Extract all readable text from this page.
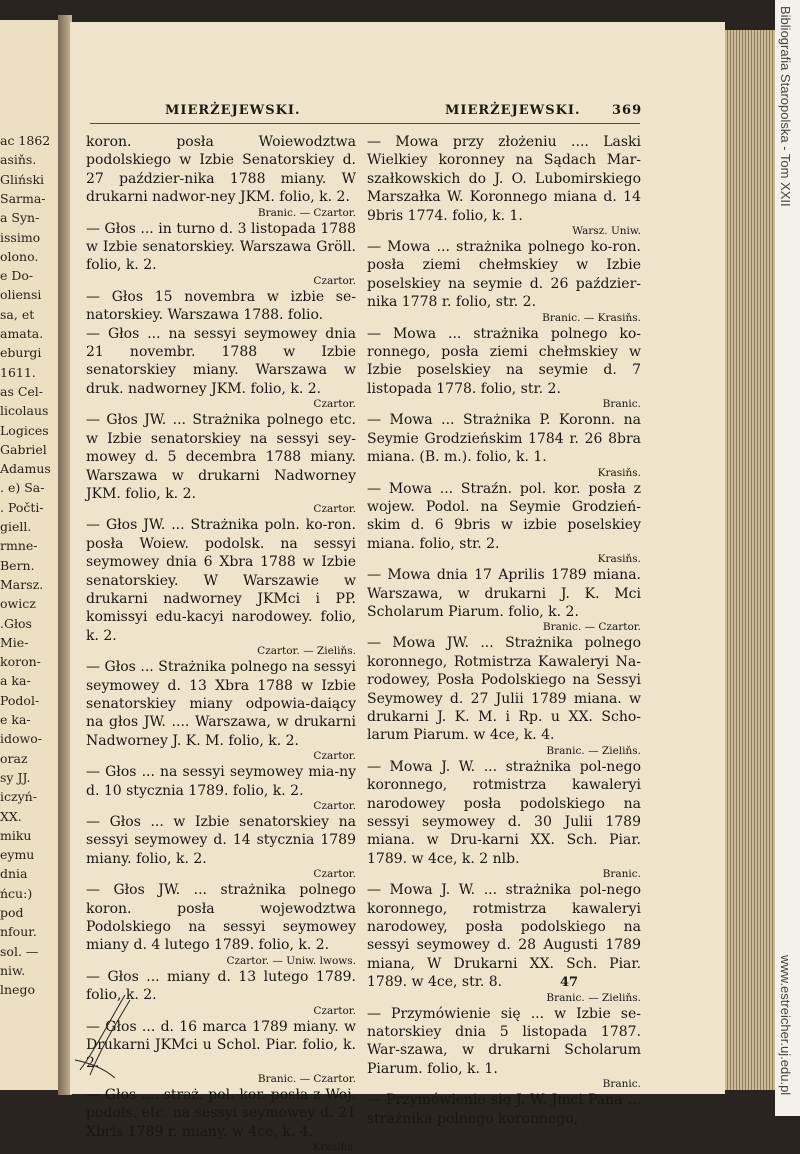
ac 1862
asiňs.
Gliński
Sarma-
a Syn-
issimo
olono.
e Do-
oliensi
sa, et
amata.
eburgi
1611.
as Cel-
licolaus
Logices
Gabriel
Adamus
. e) Sa-
. Počti-
giell.
rmne-
Bern.
Marsz.
owicz
.Głos
Mie-
koron-
a ka-
Podol-
e ka-
idowo-
oraz
sy JJ.
iczyń-
XX.
miku
eymu
dnia
ńcu:)
pod
nfour.
sol. —
niw.
lnego
Bibliografia Staropolska - Tom XXII
www.estreicher.uj.edu.pl
MIERŻEJEWSKI.	MIERŻEJEWSKI. 369
koron. posła Woiewodztwa podolskiego w Izbie Senatorskiey d. 27 paździer-nika 1788 miany. W drukarni nadwor-ney JKM. folio, k. 2.
Branic. — Czartor.
— Głos ... in turno d. 3 listopada 1788 w Izbie senatorskiey. Warszawa Gröll. folio, k. 2.
Czartor.
— Głos 15 novembra w izbie se-natorskiey. Warszawa 1788. folio.
— Głos ... na sessyi seymowey dnia 21 novembr. 1788 w Izbie senatorskiey miany. Warszawa w druk. nadworney JKM. folio, k. 2.
Czartor.
— Głos JW. ... Strażnika polnego etc. w Izbie senatorskiey na sessyi sey-mowey d. 5 decembra 1788 miany. Warszawa w drukarni Nadworney JKM. folio, k. 2.
Czartor.
— Głos JW. ... Strażnika poln. ko-ron. posła Woiew. podolsk. na sessyi seymowey dnia 6 Xbra 1788 w Izbie senatorskiey. W Warszawie w drukarni nadworney JKMci i PP. komissyi edu-kacyi narodowey. folio, k. 2.
Czartor. — Zieliňs.
— Głos ... Strażnika polnego na sessyi seymowey d. 13 Xbra 1788 w Izbie senatorskiey miany odpowia-daiący na głos JW. .... Warszawa, w drukarni Nadworney J. K. M. folio, k. 2.
Czartor.
— Głos ... na sessyi seymowey mia-ny d. 10 stycznia 1789. folio, k. 2.
Czartor.
— Głos ... w Izbie senatorskiey na sessyi seymowey d. 14 stycznia 1789 miany. folio, k. 2.
Czartor.
— Głos JW. ... strażnika polnego koron. posła wojewodztwa Podolskiego na sessyi seymowey miany d. 4 lutego 1789. folio, k. 2.
Czartor. — Uniw. lwows.
— Głos ... miany d. 13 lutego 1789. folio, k. 2.
Czartor.
— Głos ... d. 16 marca 1789 miany. w Drukarni JKMci u Schol. Piar. folio, k. 2.
Branic. — Czartor.
— Głos .... straż. pol. kor. posła z Woj. podols. etc. na sessyi seymowey d. 21 Xbris 1789 r. miany. w 4ce, k. 4.
Krasiňs.
— Mowa przy złożeniu .... Laski Wielkiey koronney na Sądach Mar-szałkowskich do J. O. Lubomirskiego Marszałka W. Koronnego miana d. 14 9bris 1774. folio, k. 1.
Warsz. Uniw.
— Mowa ... strażnika polnego ko-ron. posła ziemi chełmskiey w Izbie poselskiey na seymie d. 26 paździer-nika 1778 r. folio, str. 2.
Branic. — Krasiňs.
— Mowa ... strażnika polnego ko-ronnego, posła ziemi chełmskiey w Izbie poselskiey na seymie d. 7 listopada 1778. folio, str. 2.
Branic.
— Mowa ... Strażnika P. Koronn. na Seymie Grodzieńskim 1784 r. 26 8bra miana. (B. m.). folio, k. 1.
Krasiňs.
— Mowa ... Straźn. pol. kor. posła z wojew. Podol. na Seymie Grodzień-skim d. 6 9bris w izbie poselskiey miana. folio, str. 2.
Krasiňs.
— Mowa dnia 17 Aprilis 1789 miana. Warszawa, w drukarni J. K. Mci Scholarum Piarum. folio, k. 2.
Branic. — Czartor.
— Mowa JW. ... Strażnika polnego koronnego, Rotmistrza Kawaleryi Na-rodowey, Posła Podolskiego na Sessyi Seymowey d. 27 Julii 1789 miana. w drukarni J. K. M. i Rp. u XX. Scho-larum Piarum. w 4ce, k. 4.
Branic. — Zieliňs.
— Mowa J. W. ... strażnika pol-nego koronnego, rotmistrza kawaleryi narodowey posła podolskiego na sessyi seymowey d. 30 Julii 1789 miana. w Dru-karni XX. Sch. Piar. 1789. w 4ce, k. 2 nlb.
Branic.
— Mowa J. W. ... strażnika pol-nego koronnego, rotmistrza kawaleryi narodowey, posła podolskiego na sessyi seymowey d. 28 Augusti 1789 miana, W Drukarni XX. Sch. Piar. 1789. w 4ce, str. 8.
Branic. — Zieliňs.
— Przymówienie się ... w Izbie se-natorskiey dnia 5 listopada 1787. War-szawa, w drukarni Scholarum Piarum. folio, k. 1.
Branic.
— Przymówienie się J. W. Jmci Pana ... strażnika polnego koronnego,
47
